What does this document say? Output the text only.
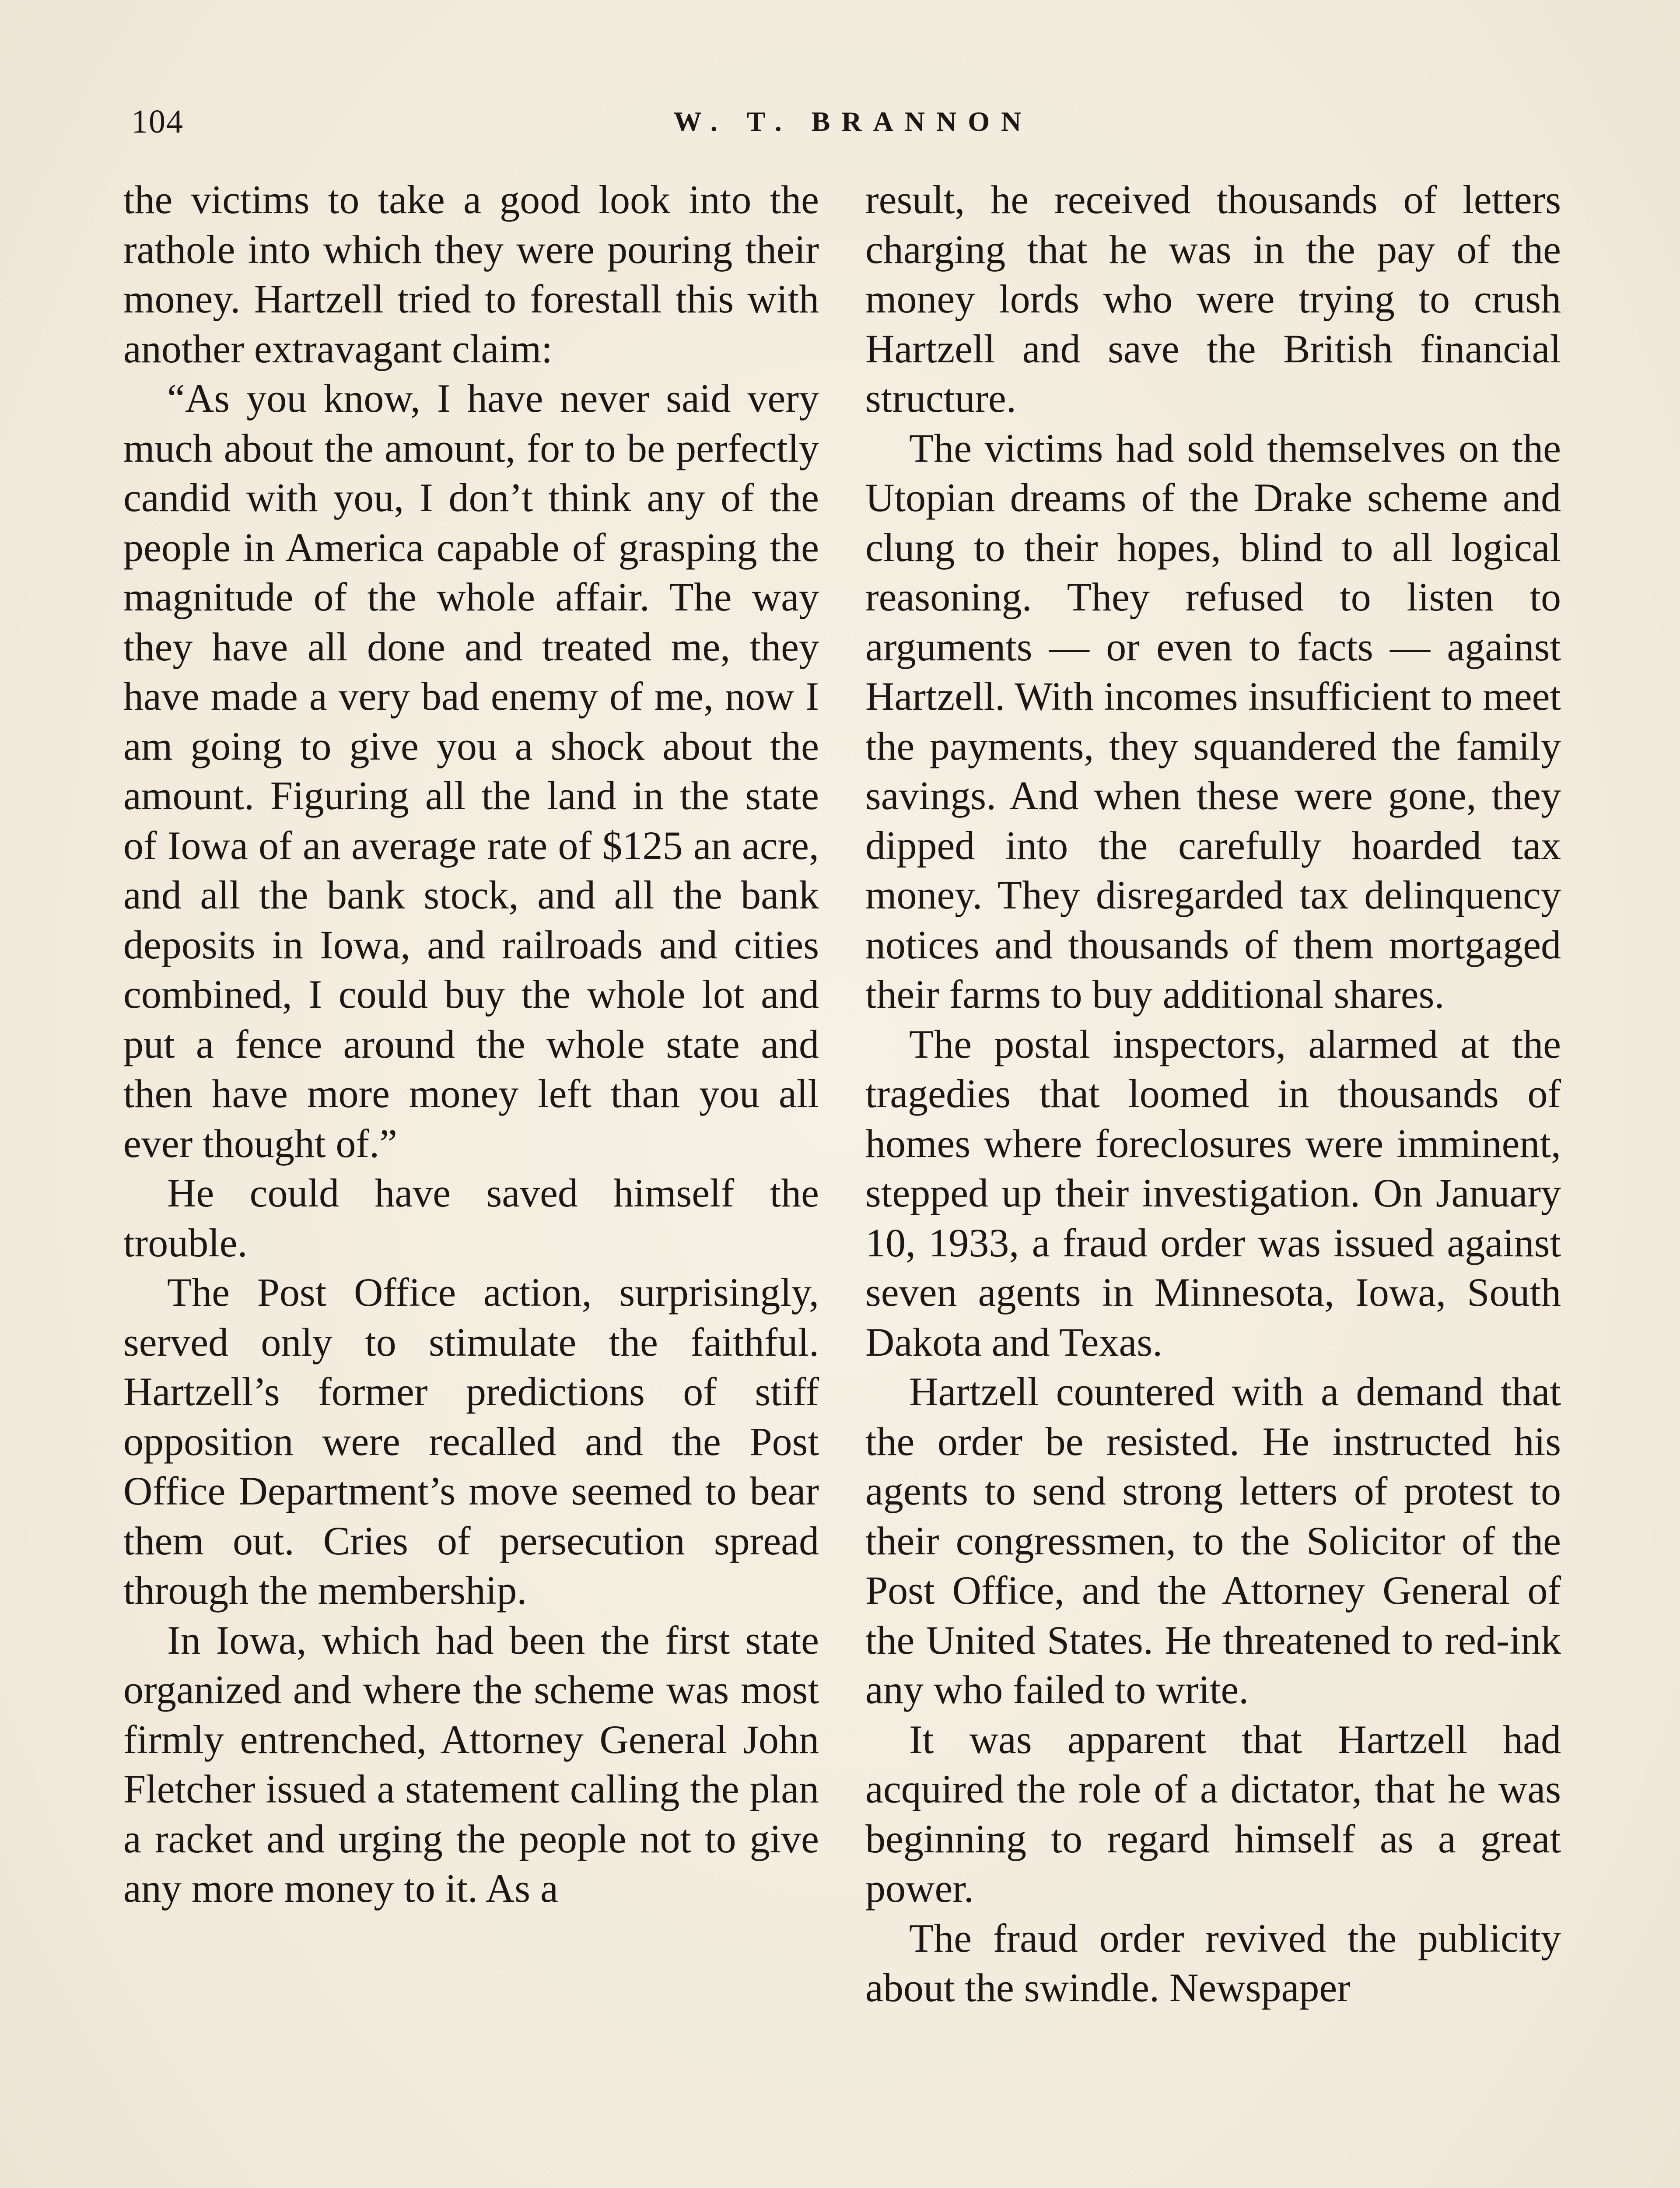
104	W. T. BRANNON

the victims to take a good look into the rathole into which they were pouring their money. Hartzell tried to forestall this with another extravagant claim:

“As you know, I have never said very much about the amount, for to be perfectly candid with you, I don’t think any of the people in America capable of grasping the magnitude of the whole affair. The way they have all done and treated me, they have made a very bad enemy of me, now I am going to give you a shock about the amount. Figuring all the land in the state of Iowa of an average rate of $125 an acre, and all the bank stock, and all the bank deposits in Iowa, and railroads and cities combined, I could buy the whole lot and put a fence around the whole state and then have more money left than you all ever thought of.”

He could have saved himself the trouble.

The Post Office action, surprisingly, served only to stimulate the faithful. Hartzell’s former predictions of stiff opposition were recalled and the Post Office Department’s move seemed to bear them out. Cries of persecution spread through the membership.

In Iowa, which had been the first state organized and where the scheme was most firmly entrenched, Attorney General John Fletcher issued a statement calling the plan a racket and urging the people not to give any more money to it. As a

result, he received thousands of letters charging that he was in the pay of the money lords who were trying to crush Hartzell and save the British financial structure.

The victims had sold themselves on the Utopian dreams of the Drake scheme and clung to their hopes, blind to all logical reasoning. They refused to listen to arguments — or even to facts — against Hartzell. With incomes insufficient to meet the payments, they squandered the family savings. And when these were gone, they dipped into the carefully hoarded tax money. They disregarded tax delinquency notices and thousands of them mortgaged their farms to buy additional shares.

The postal inspectors, alarmed at the tragedies that loomed in thousands of homes where foreclosures were imminent, stepped up their investigation. On January 10, 1933, a fraud order was issued against seven agents in Minnesota, Iowa, South Dakota and Texas.

Hartzell countered with a demand that the order be resisted. He instructed his agents to send strong letters of protest to their congressmen, to the Solicitor of the Post Office, and the Attorney General of the United States. He threatened to red-ink any who failed to write.

It was apparent that Hartzell had acquired the role of a dictator, that he was beginning to regard himself as a great power.

The fraud order revived the publicity about the swindle. Newspaper
